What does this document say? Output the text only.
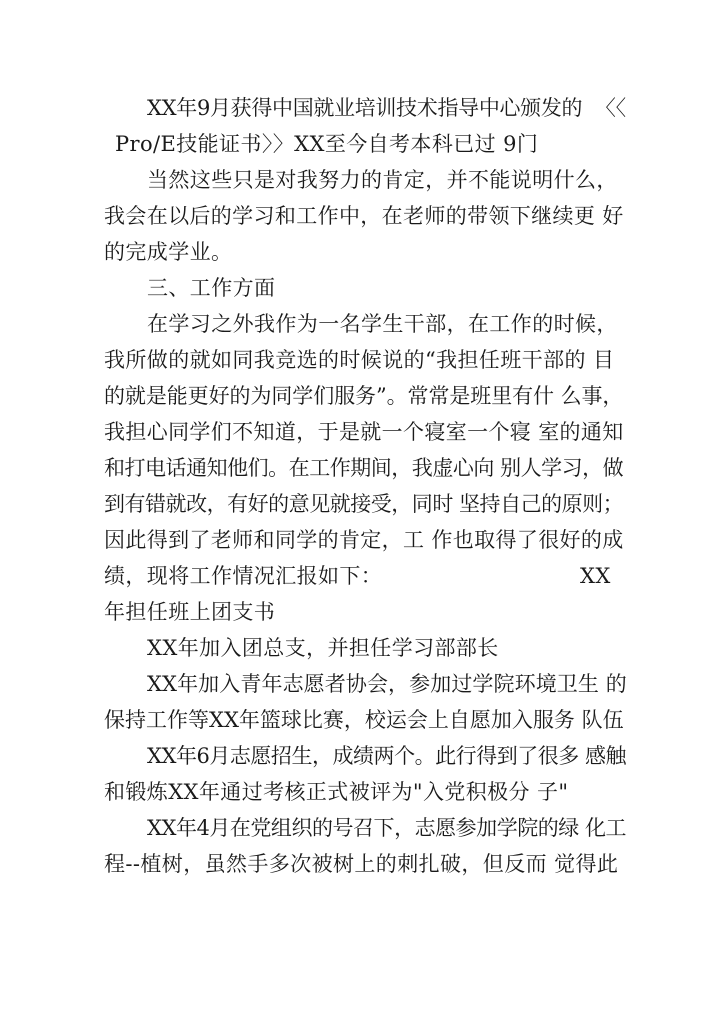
XX年9月获得中国就业培训技术指导中心颁发的  〈〈
Pro/E技能证书〉〉XX至今自考本科已过 9门
当然这些只是对我努力的肯定，并不能说明什么，
我会在以后的学习和工作中，在老师的带领下继续更 好
的完成学业。
三、工作方面
在学习之外我作为一名学生干部，在工作的时候，
我所做的就如同我竞选的时候说的“我担任班干部的 目
的就是能更好的为同学们服务”。常常是班里有什 么事，
我担心同学们不知道，于是就一个寝室一个寝 室的通知
和打电话通知他们。在工作期间，我虚心向 别人学习，做
到有错就改，有好的意见就接受，同时 坚持自己的原则；
因此得到了老师和同学的肯定，工 作也取得了很好的成
绩，现将工作情况汇报如下：	XX
年担任班上团支书
XX年加入团总支，并担任学习部部长
XX年加入青年志愿者协会，参加过学院环境卫生 的
保持工作等XX年篮球比赛，校运会上自愿加入服务 队伍
XX年6月志愿招生，成绩两个。此行得到了很多 感触
和锻炼XX年通过考核正式被评为"入党积极分 子"
XX年4月在党组织的号召下，志愿参加学院的绿 化工
程--植树，虽然手多次被树上的刺扎破，但反而 觉得此
